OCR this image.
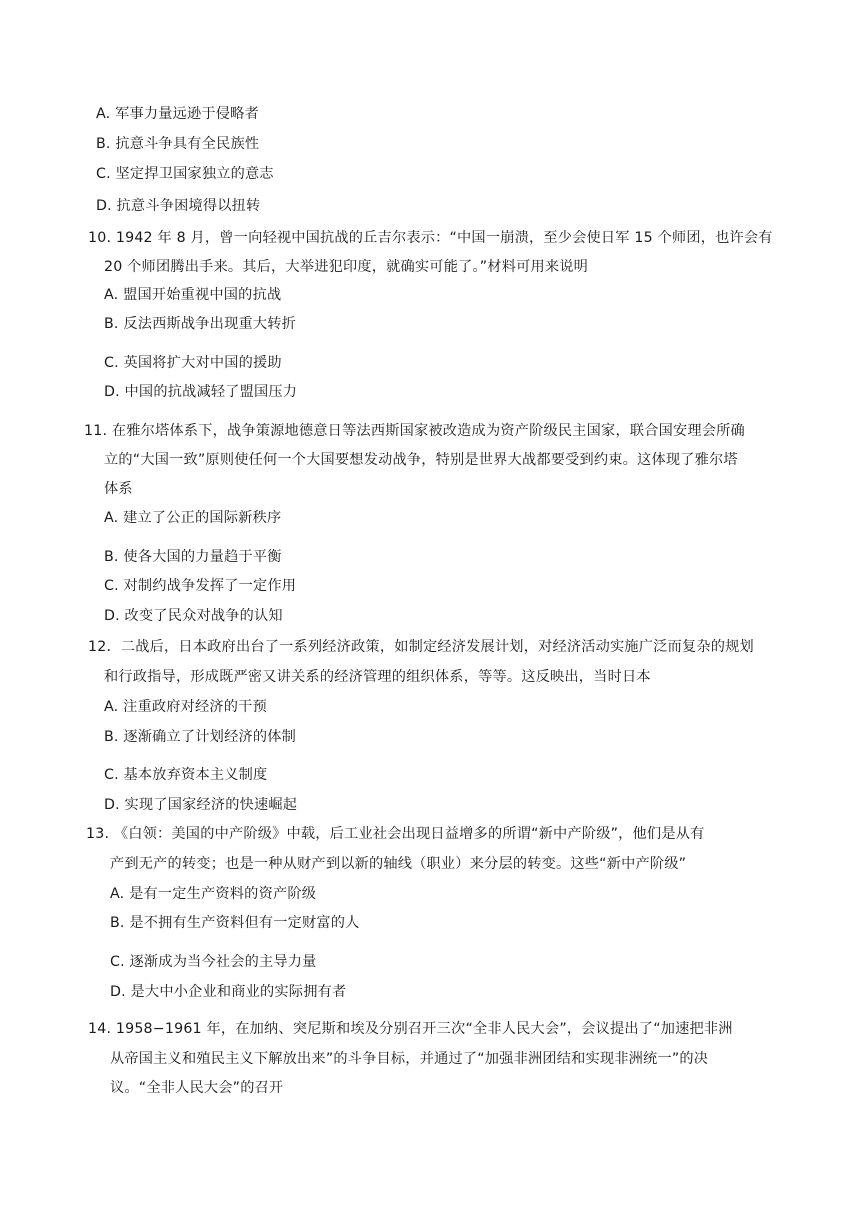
A. 军事力量远逊于侵略者
B. 抗意斗争具有全民族性
C. 坚定捍卫国家独立的意志
D. 抗意斗争困境得以扭转
10. 1942 年 8 月，曾一向轻视中国抗战的丘吉尔表示：“中国一崩溃，至少会使日军 15 个师团，也许会有
20 个师团腾出手来。其后，大举进犯印度，就确实可能了。”材料可用来说明
A. 盟国开始重视中国的抗战
B. 反法西斯战争出现重大转折
C. 英国将扩大对中国的援助
D. 中国的抗战减轻了盟国压力
11. 在雅尔塔体系下，战争策源地德意日等法西斯国家被改造成为资产阶级民主国家，联合国安理会所确
立的“大国一致”原则使任何一个大国要想发动战争，特别是世界大战都要受到约束。这体现了雅尔塔
体系
A. 建立了公正的国际新秩序
B. 使各大国的力量趋于平衡
C. 对制约战争发挥了一定作用
D. 改变了民众对战争的认知
12．二战后，日本政府出台了一系列经济政策，如制定经济发展计划，对经济活动实施广泛而复杂的规划
和行政指导，形成既严密又讲关系的经济管理的组织体系，等等。这反映出，当时日本
A. 注重政府对经济的干预
B. 逐渐确立了计划经济的体制
C. 基本放弃资本主义制度
D. 实现了国家经济的快速崛起
13. 《白领：美国的中产阶级》中载，后工业社会出现日益增多的所谓“新中产阶级”，他们是从有
产到无产的转变；也是一种从财产到以新的轴线（职业）来分层的转变。这些“新中产阶级”
A. 是有一定生产资料的资产阶级
B. 是不拥有生产资料但有一定财富的人
C. 逐渐成为当今社会的主导力量
D. 是大中小企业和商业的实际拥有者
14. 1958−1961 年，在加纳、突尼斯和埃及分别召开三次“全非人民大会”，会议提出了“加速把非洲
从帝国主义和殖民主义下解放出来”的斗争目标，并通过了“加强非洲团结和实现非洲统一”的决
议。“全非人民大会”的召开
